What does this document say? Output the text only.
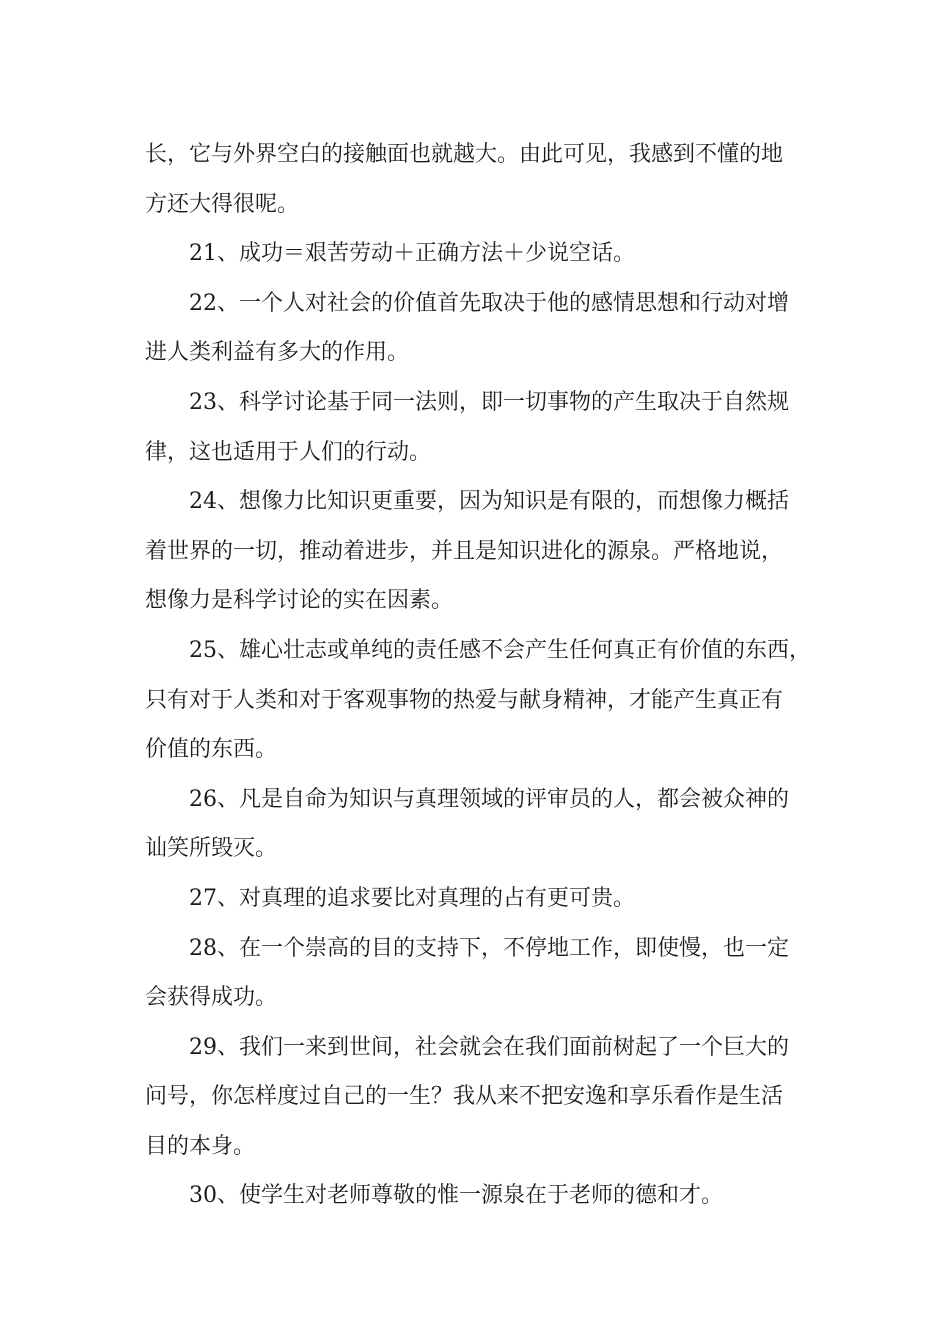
长，它与外界空白的接触面也就越大。由此可见，我感到不懂的地
方还大得很呢。
21、成功＝艰苦劳动＋正确方法＋少说空话。
22、一个人对社会的价值首先取决于他的感情思想和行动对增
进人类利益有多大的作用。
23、科学讨论基于同一法则，即一切事物的产生取决于自然规
律，这也适用于人们的行动。
24、想像力比知识更重要，因为知识是有限的，而想像力概括
着世界的一切，推动着进步，并且是知识进化的源泉。严格地说，
想像力是科学讨论的实在因素。
25、雄心壮志或单纯的责任感不会产生任何真正有价值的东西，
只有对于人类和对于客观事物的热爱与献身精神，才能产生真正有
价值的东西。
26、凡是自命为知识与真理领域的评审员的人，都会被众神的
讪笑所毁灭。
27、对真理的追求要比对真理的占有更可贵。
28、在一个崇高的目的支持下，不停地工作，即使慢，也一定
会获得成功。
29、我们一来到世间，社会就会在我们面前树起了一个巨大的
问号，你怎样度过自己的一生？我从来不把安逸和享乐看作是生活
目的本身。
30、使学生对老师尊敬的惟一源泉在于老师的德和才。
